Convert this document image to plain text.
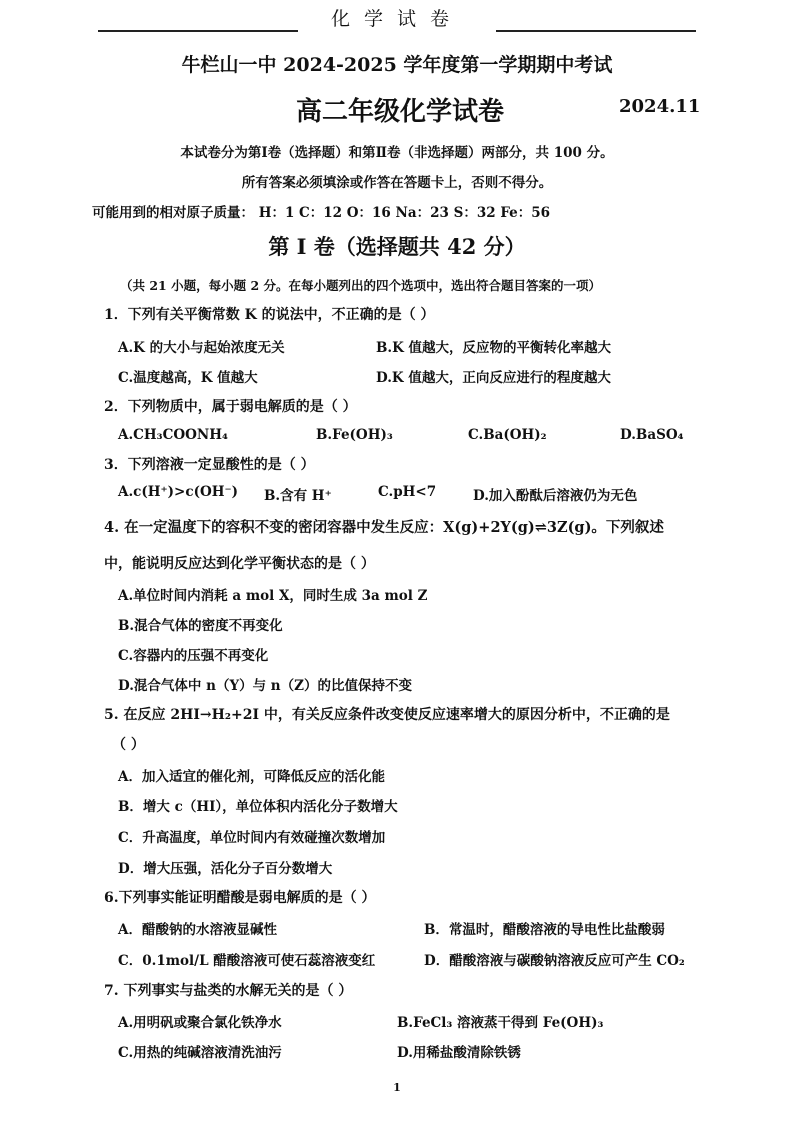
化学试卷
牛栏山一中 2024-2025 学年度第一学期期中考试
高二年级化学试卷	2024.11
本试卷分为第Ⅰ卷（选择题）和第Ⅱ卷（非选择题）两部分，共 100 分。
所有答案必须填涂或作答在答题卡上，否则不得分。
可能用到的相对原子质量： H：1 C：12 O：16 Na：23 S：32 Fe：56
第 Ⅰ 卷（选择题共 42 分）
（共 21 小题，每小题 2 分。在每小题列出的四个选项中，选出符合题目答案的一项）
1．下列有关平衡常数 K 的说法中，不正确的是（ ）
A.K 的大小与起始浓度无关	B.K 值越大，反应物的平衡转化率越大
C.温度越高，K 值越大	D.K 值越大，正向反应进行的程度越大
2．下列物质中，属于弱电解质的是（ ）
A.CH₃COONH₄	B.Fe(OH)₃	C.Ba(OH)₂	D.BaSO₄
3．下列溶液一定显酸性的是（ ）
A.c(H⁺)>c(OH⁻) B.含有 H⁺	C.pH<7	D.加入酚酞后溶液仍为无色
4. 在一定温度下的容积不变的密闭容器中发生反应：X(g)+2Y(g)⇌3Z(g)。下列叙述
中，能说明反应达到化学平衡状态的是（ ）
A.单位时间内消耗 a mol X，同时生成 3a mol Z
B.混合气体的密度不再变化
C.容器内的压强不再变化
D.混合气体中 n（Y）与 n（Z）的比值保持不变
5. 在反应 2HI→H₂+2I 中，有关反应条件改变使反应速率增大的原因分析中，不正确的是
（ ）
A．加入适宜的催化剂，可降低反应的活化能
B．增大 c（HI），单位体积内活化分子数增大
C．升高温度，单位时间内有效碰撞次数增加
D．增大压强，活化分子百分数增大
6.下列事实能证明醋酸是弱电解质的是（ ）
A．醋酸钠的水溶液显碱性	B．常温时，醋酸溶液的导电性比盐酸弱
C．0.1mol/L 醋酸溶液可使石蕊溶液变红	D．醋酸溶液与碳酸钠溶液反应可产生 CO₂
7. 下列事实与盐类的水解无关的是（ ）
A.用明矾或聚合氯化铁净水	B.FeCl₃ 溶液蒸干得到 Fe(OH)₃
C.用热的纯碱溶液清洗油污	D.用稀盐酸清除铁锈
1
